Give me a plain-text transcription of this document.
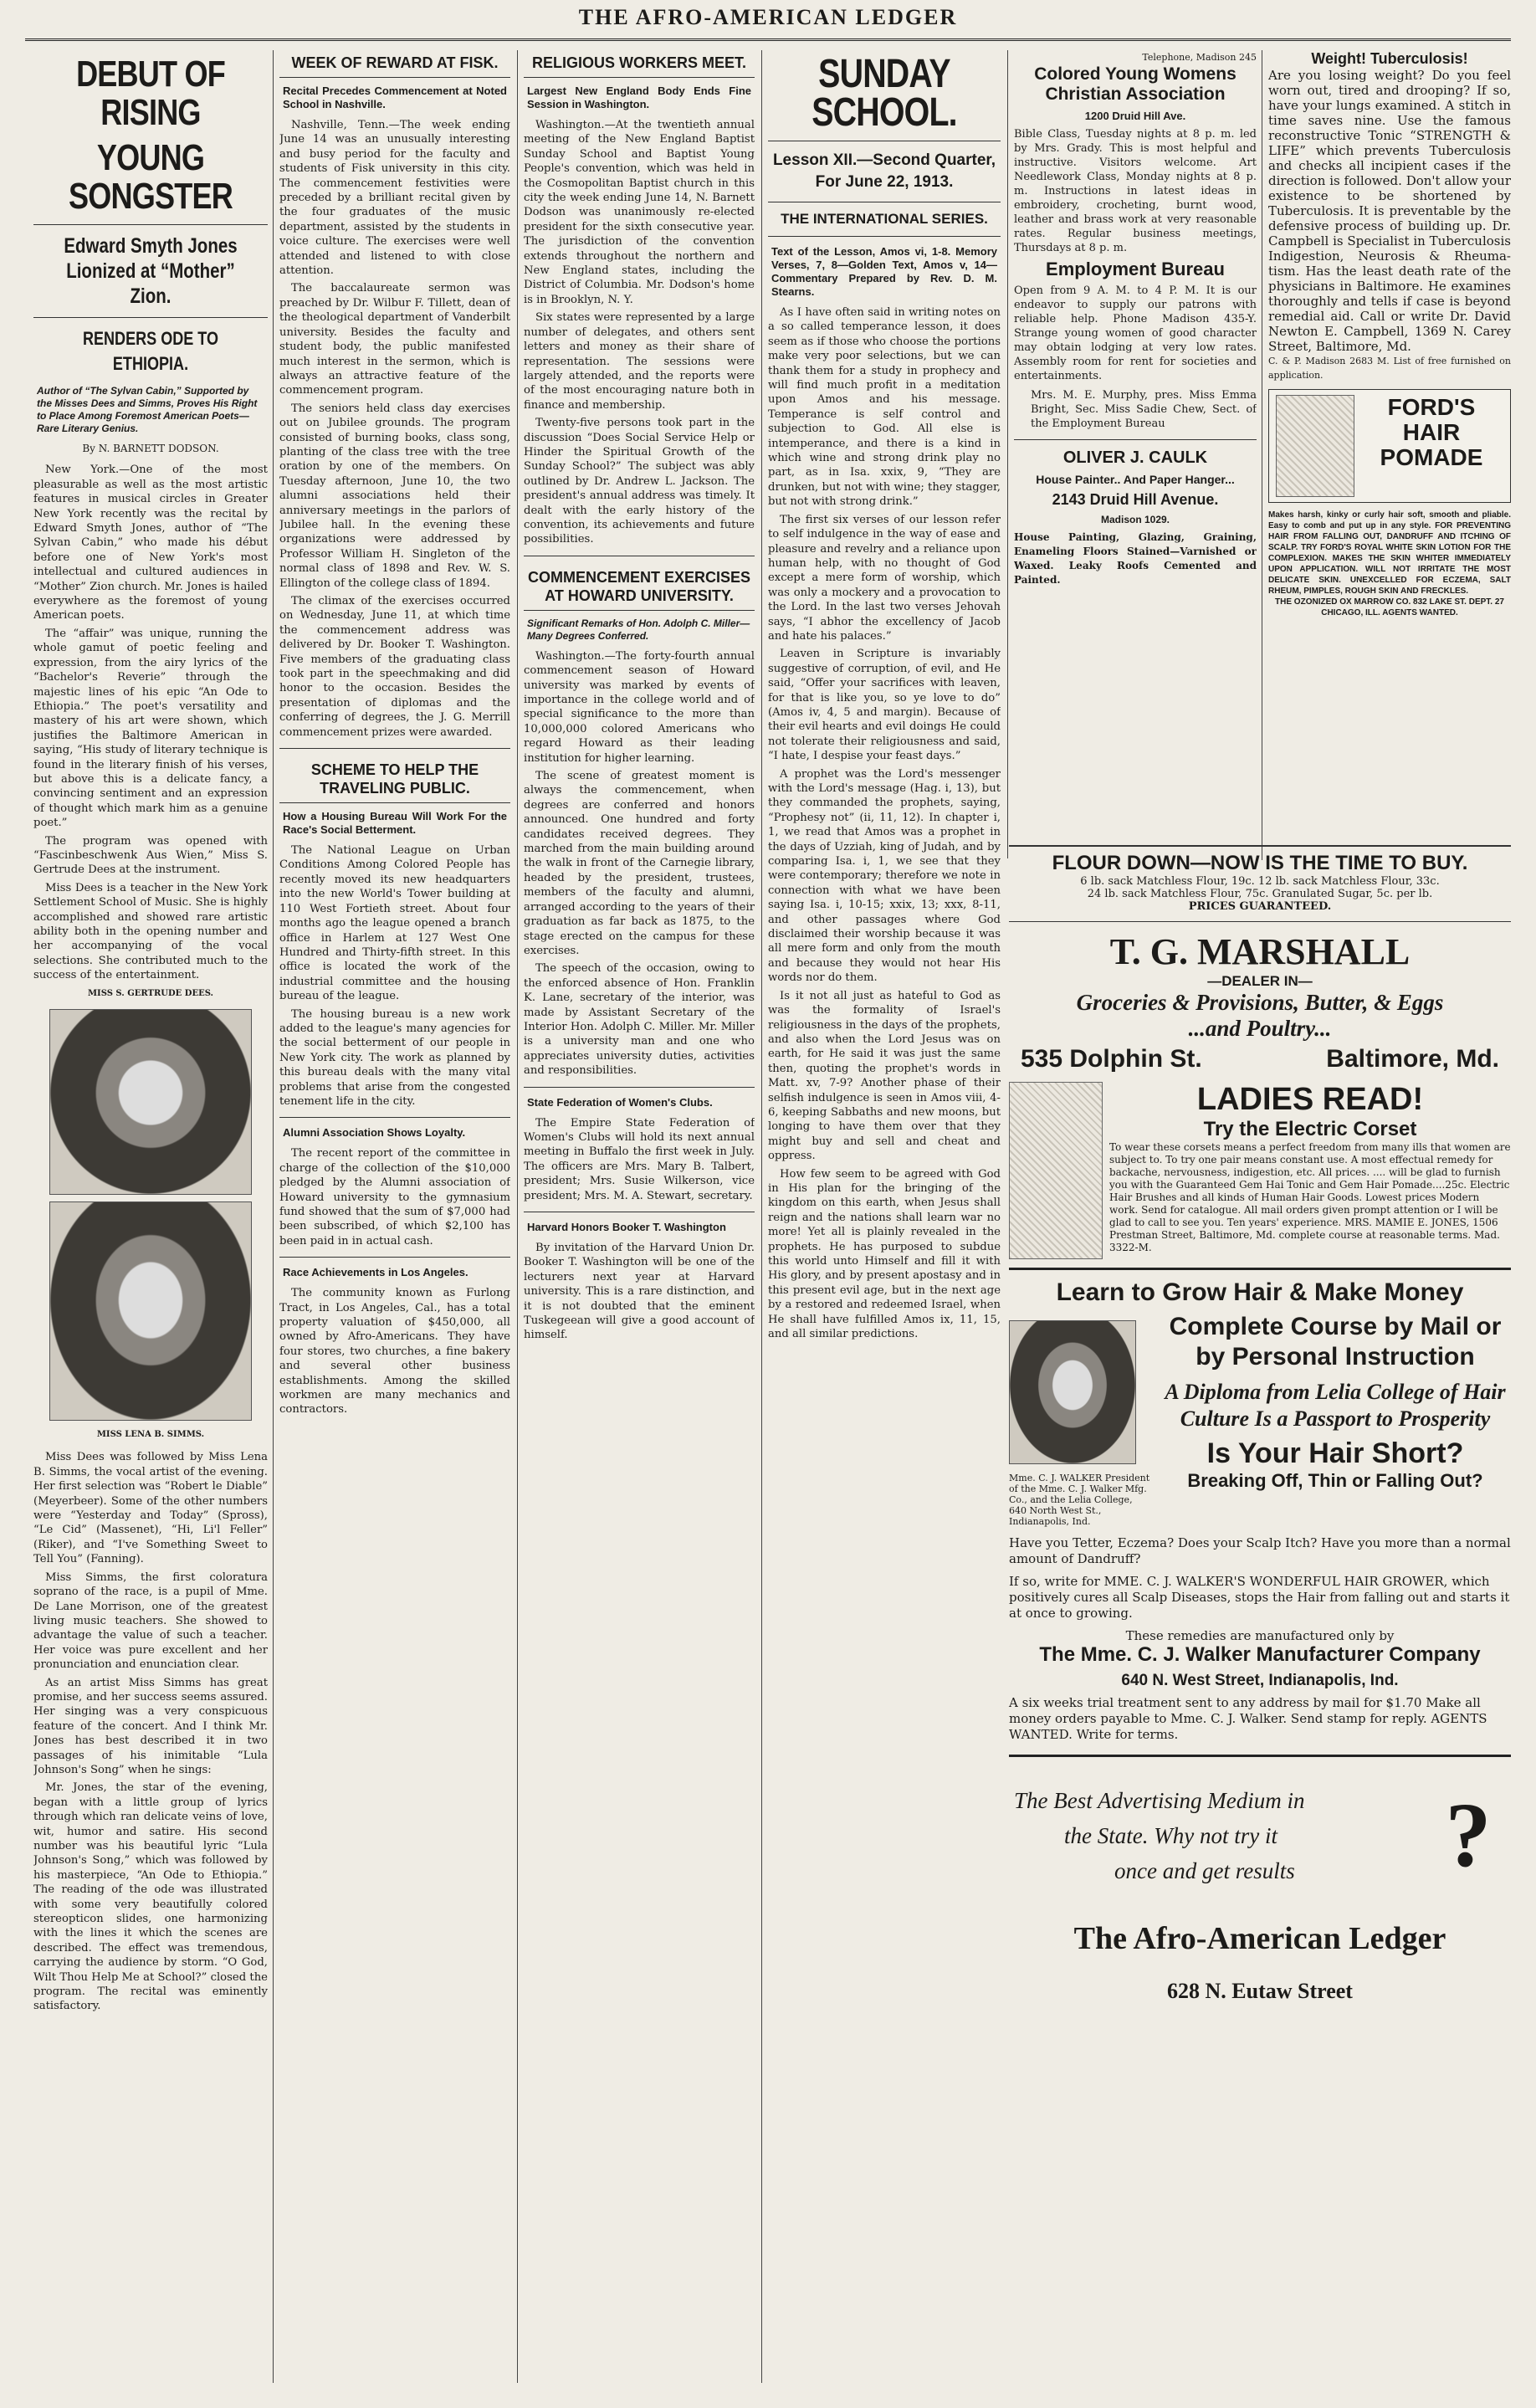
THE AFRO-AMERICAN LEDGER
DEBUT OF RISING
YOUNG SONGSTER
Edward Smyth Jones Lionized at “Mother” Zion.
RENDERS ODE TO ETHIOPIA.
Author of “The Sylvan Cabin,” Supported by the Misses Dees and Simms, Proves His Right to Place Among Foremost American Poets—Rare Literary Genius.
By N. BARNETT DODSON.

New York.—One of the most pleasurable as well as the most artistic features in musical circles in Greater New York recently was the recital by Edward Smyth Jones, author of “The Sylvan Cabin,” who made his début before one of New York's most intellectual and cultured audiences in “Mother” Zion church. Mr. Jones is hailed everywhere as the foremost of young American poets.

The “affair” was unique, running the whole gamut of poetic feeling and expression, from the airy lyrics of the “Bachelor's Reverie” through the majestic lines of his epic “An Ode to Ethiopia.” The poet's versatility and mastery of his art were shown, which justifies the Baltimore American in saying, “His study of literary technique is found in the literary finish of his verses, but above this is a delicate fancy, a convincing sentiment and an expression of thought which mark him as a genuine poet.”

The program was opened with “Fascinbeschwenk Aus Wien,” Miss S. Gertrude Dees at the instrument.

Miss Dees is a teacher in the New York Settlement School of Music. She is highly accomplished and showed rare artistic ability both in the opening number and her accompanying of the vocal selections. She contributed much to the success of the entertainment.

MISS S. GERTRUDE DEES.
MISS LENA B. SIMMS.

Miss Dees was followed by Miss Lena B. Simms, the vocal artist of the evening. Her first selection was “Robert le Diable” (Meyerbeer). Some of the other numbers were “Yesterday and Today” (Spross), “Le Cid” (Massenet), “Hi, Li'l Feller” (Riker), and “I've Something Sweet to Tell You” (Fanning).

Miss Simms, the first coloratura soprano of the race, is a pupil of Mme. De Lane Morrison, one of the greatest living music teachers. She showed to advantage the value of such a teacher. Her voice was pure excellent and her pronunciation and enunciation clear.

As an artist Miss Simms has great promise, and her success seems assured. Her singing was a very conspicuous feature of the concert. And I think Mr. Jones has best described it in two passages of his inimitable “Lula Johnson's Song” when he sings:

Mr. Jones, the star of the evening, began with a little group of lyrics through which ran delicate veins of love, wit, humor and satire. His second number was his beautiful lyric “Lula Johnson's Song,” which was followed by his masterpiece, “An Ode to Ethiopia.” The reading of the ode was illustrated with some very beautifully colored stereopticon slides, one harmonizing with the lines it which the scenes are described. The effect was tremendous, carrying the audience by storm. “O God, Wilt Thou Help Me at School?” closed the program. The recital was eminently satisfactory.

WEEK OF REWARD AT FISK.
Recital Precedes Commencement at Noted School in Nashville.

Nashville, Tenn.—The week ending June 14 was an unusually interesting and busy period for the faculty and students of Fisk university in this city. The commencement festivities were preceded by a brilliant recital given by the four graduates of the music department, assisted by the students in voice culture. The exercises were well attended and listened to with close attention.

The baccalaureate sermon was preached by Dr. Wilbur F. Tillett, dean of the theological department of Vanderbilt university. Besides the faculty and student body, the public manifested much interest in the sermon, which is always an attractive feature of the commencement program.

The seniors held class day exercises out on Jubilee grounds. The program consisted of burning books, class song, planting of the class tree with the tree oration by one of the members. On Tuesday afternoon, June 10, the two alumni associations held their anniversary meetings in the parlors of Jubilee hall. In the evening these organizations were addressed by Professor William H. Singleton of the normal class of 1898 and Rev. W. S. Ellington of the college class of 1894.

The climax of the exercises occurred on Wednesday, June 11, at which time the commencement address was delivered by Dr. Booker T. Washington. Five members of the graduating class took part in the speechmaking and did honor to the occasion. Besides the presentation of diplomas and the conferring of degrees, the J. G. Merrill commencement prizes were awarded.

SCHEME TO HELP THE TRAVELING PUBLIC.
How a Housing Bureau Will Work For the Race's Social Betterment.

The National League on Urban Conditions Among Colored People has recently moved its new headquarters into the new World's Tower building at 110 West Fortieth street. About four months ago the league opened a branch office in Harlem at 127 West One Hundred and Thirty-fifth street. In this office is located the work of the industrial committee and the housing bureau of the league.

The housing bureau is a new work added to the league's many agencies for the social betterment of our people in New York city. The work as planned by this bureau deals with the many vital problems that arise from the congested tenement life in the city.

Alumni Association Shows Loyalty.

The recent report of the committee in charge of the collection of the $10,000 pledged by the Alumni association of Howard university to the gymnasium fund showed that the sum of $7,000 had been subscribed, of which $2,100 has been paid in in actual cash.

Race Achievements in Los Angeles.

The community known as Furlong Tract, in Los Angeles, Cal., has a total property valuation of $450,000, all owned by Afro-Americans. They have four stores, two churches, a fine bakery and several other business establishments. Among the skilled workmen are many mechanics and contractors.

RELIGIOUS WORKERS MEET.
Largest New England Body Ends Fine Session in Washington.

Washington.—At the twentieth annual meeting of the New England Baptist Sunday School and Baptist Young People's convention, which was held in the Cosmopolitan Baptist church in this city the week ending June 14, N. Barnett Dodson was unanimously re-elected president for the sixth consecutive year. The jurisdiction of the convention extends throughout the northern and New England states, including the District of Columbia. Mr. Dodson's home is in Brooklyn, N. Y.

Six states were represented by a large number of delegates, and others sent letters and money as their share of representation. The sessions were largely attended, and the reports were of the most encouraging nature both in finance and membership.

Twenty-five persons took part in the discussion “Does Social Service Help or Hinder the Spiritual Growth of the Sunday School?” The subject was ably outlined by Dr. Andrew L. Jackson. The president's annual address was timely. It dealt with the early history of the convention, its achievements and future possibilities.

COMMENCEMENT EXERCISES AT HOWARD UNIVERSITY.
Significant Remarks of Hon. Adolph C. Miller—Many Degrees Conferred.

Washington.—The forty-fourth annual commencement season of Howard university was marked by events of importance in the college world and of special significance to the more than 10,000,000 colored Americans who regard Howard as their leading institution for higher learning.

The scene of greatest moment is always the commencement, when degrees are conferred and honors announced. One hundred and forty candidates received degrees. They marched from the main building around the walk in front of the Carnegie library, headed by the president, trustees, members of the faculty and alumni, arranged according to the years of their graduation as far back as 1875, to the stage erected on the campus for these exercises.

The speech of the occasion, owing to the enforced absence of Hon. Franklin K. Lane, secretary of the interior, was made by Assistant Secretary of the Interior Hon. Adolph C. Miller. Mr. Miller is a university man and one who appreciates university duties, activities and responsibilities.

State Federation of Women's Clubs.

The Empire State Federation of Women's Clubs will hold its next annual meeting in Buffalo the first week in July. The officers are Mrs. Mary B. Talbert, president; Mrs. Susie Wilkerson, vice president; Mrs. M. A. Stewart, secretary.

Harvard Honors Booker T. Washington

By invitation of the Harvard Union Dr. Booker T. Washington will be one of the lecturers next year at Harvard university. This is a rare distinction, and it is not doubted that the eminent Tuskegeean will give a good account of himself.

SUNDAY SCHOOL.
Lesson XII.—Second Quarter, For June 22, 1913.
THE INTERNATIONAL SERIES.
Text of the Lesson, Amos vi, 1-8. Memory Verses, 7, 8—Golden Text, Amos v, 14—Commentary Prepared by Rev. D. M. Stearns.

As I have often said in writing notes on a so called temperance lesson, it does seem as if those who choose the portions make very poor selections, but we can thank them for a study in prophecy and will find much profit in a meditation upon Amos and his message. Temperance is self control and subjection to God. All else is intemperance, and there is a kind in which wine and strong drink play no part, as in Isa. xxix, 9, “They are drunken, but not with wine; they stagger, but not with strong drink.”

The first six verses of our lesson refer to self indulgence in the way of ease and pleasure and revelry and a reliance upon human help, with no thought of God except a mere form of worship, which was only a mockery and a provocation to the Lord. In the last two verses Jehovah says, “I abhor the excellency of Jacob and hate his palaces.”

Leaven in Scripture is invariably suggestive of corruption, of evil, and He said, “Offer your sacrifices with leaven, for that is like you, so ye love to do” (Amos iv, 4, 5 and margin). Because of their evil hearts and evil doings He could not tolerate their religiousness and said, “I hate, I despise your feast days.”

A prophet was the Lord's messenger with the Lord's message (Hag. i, 13), but they commanded the prophets, saying, “Prophesy not” (ii, 11, 12). In chapter i, 1, we read that Amos was a prophet in the days of Uzziah, king of Judah, and by comparing Isa. i, 1, we see that they were contemporary; therefore we note in connection with what we have been saying Isa. i, 10-15; xxix, 13; xxx, 8-11, and other passages where God disclaimed their worship because it was all mere form and only from the mouth and because they would not hear His words nor do them.

Is it not all just as hateful to God as was the formality of Israel's religiousness in the days of the prophets, and also when the Lord Jesus was on earth, for He said it was just the same then, quoting the prophet's words in Matt. xv, 7-9? Another phase of their selfish indulgence is seen in Amos viii, 4-6, keeping Sabbaths and new moons, but longing to have them over that they might buy and sell and cheat and oppress.

How few seem to be agreed with God in His plan for the bringing of the kingdom on this earth, when Jesus shall reign and the nations shall learn war no more! Yet all is plainly revealed in the prophets. He has purposed to subdue this world unto Himself and fill it with His glory, and by present apostasy and in this present evil age, but in the next age by a restored and redeemed Israel, when He shall have fulfilled Amos ix, 11, 15, and all similar predictions.

Telephone, Madison 245
Colored Young Womens Christian Association
1200 Druid Hill Ave.
Bible Class, Tuesday nights at 8 p. m. led by Mrs. Grady. This is most helpful and instructive. Visitors welcome. Art Needlework Class, Monday nights at 8 p. m. Instructions in latest ideas in embroidery, crocheting, burnt wood, leather and brass work at very reasonable rates. Regular business meetings, Thursdays at 8 p. m.
Employment Bureau
Open from 9 A. M. to 4 P. M. It is our endeavor to supply our patrons with reliable help. Phone Madison 435-Y. Strange young women of good character may obtain lodging at very low rates. Assembly room for rent for societies and entertainments.
Mrs. M. E. Murphy, pres. Miss Emma Bright, Sec. Miss Sadie Chew, Sect. of the Employment Bureau
OLIVER J. CAULK
House Painter.. And Paper Hanger...
2143 Druid Hill Avenue.
Madison 1029.
House Painting, Glazing, Graining, Enameling Floors Stained—Varnished or Waxed. Leaky Roofs Cemented and Painted.
Weight! Tuberculosis!
Are you losing weight? Do you feel worn out, tired and drooping? If so, have your lungs examined. A stitch in time saves nine. Use the famous reconstructive Tonic “STRENGTH & LIFE” which prevents Tuberculosis and checks all incipient cases if the direction is followed. Don't allow your existence to be shortened by Tuberculosis. It is preventable by the defensive process of building up. Dr. Campbell is Specialist in Tuberculosis Indigestion, Neurosis & Rheuma-tism. Has the least death rate of the physicians in Baltimore. He examines thoroughly and tells if case is beyond remedial aid. Call or write Dr. David Newton E. Campbell, 1369 N. Carey Street, Baltimore, Md.
C. & P. Madison 2683 M. List of free furnished on application.
FORD'S HAIR POMADE
Makes harsh, kinky or curly hair soft, smooth and pliable. Easy to comb and put up in any style. FOR PREVENTING HAIR FROM FALLING OUT, DANDRUFF AND ITCHING OF SCALP. TRY FORD'S ROYAL WHITE SKIN LOTION FOR THE COMPLEXION. MAKES THE SKIN WHITER IMMEDIATELY UPON APPLICATION. WILL NOT IRRITATE THE MOST DELICATE SKIN. UNEXCELLED FOR ECZEMA, SALT RHEUM, PIMPLES, ROUGH SKIN AND FRECKLES.
THE OZONIZED OX MARROW CO. 832 LAKE ST. DEPT. 27 CHICAGO, ILL. AGENTS WANTED.
FLOUR DOWN—NOW IS THE TIME TO BUY.
6 lb. sack Matchless Flour, 19c. 12 lb. sack Matchless Flour, 33c.
24 lb. sack Matchless Flour, 75c. Granulated Sugar, 5c. per lb.
PRICES GUARANTEED.
T. G. MARSHALL
—DEALER IN—
Groceries & Provisions, Butter, & Eggs
...and Poultry...
535 Dolphin St.	Baltimore, Md.
LADIES READ!
Try the Electric Corset
To wear these corsets means a perfect freedom from many ills that women are subject to. To try one pair means constant use. A most effectual remedy for backache, nervousness, indigestion, etc. All prices. .... will be glad to furnish you with the Guaranteed Gem Hai Tonic and Gem Hair Pomade....25c. Electric Hair Brushes and all kinds of Human Hair Goods. Lowest prices Modern work. Send for catalogue. All mail orders given prompt attention or I will be glad to call to see you. Ten years' experience. MRS. MAMIE E. JONES, 1506 Prestman Street, Baltimore, Md. complete course at reasonable terms. Mad. 3322-M.
Learn to Grow Hair & Make Money
Mme. C. J. WALKER President of the Mme. C. J. Walker Mfg. Co., and the Lelia College, 640 North West St., Indianapolis, Ind.
Complete Course by Mail or by Personal Instruction
A Diploma from Lelia College of Hair Culture Is a Passport to Prosperity
Is Your Hair Short?
Breaking Off, Thin or Falling Out?
Have you Tetter, Eczema? Does your Scalp Itch? Have you more than a normal amount of Dandruff?
If so, write for MME. C. J. WALKER'S WONDERFUL HAIR GROWER, which positively cures all Scalp Diseases, stops the Hair from falling out and starts it at once to growing.
These remedies are manufactured only by
The Mme. C. J. Walker Manufacturer Company
640 N. West Street, Indianapolis, Ind.
A six weeks trial treatment sent to any address by mail for $1.70 Make all money orders payable to Mme. C. J. Walker. Send stamp for reply. AGENTS WANTED. Write for terms.
The Best Advertising Medium in
the State. Why not try it
once and get results	?
The Afro-American Ledger
628 N. Eutaw Street
